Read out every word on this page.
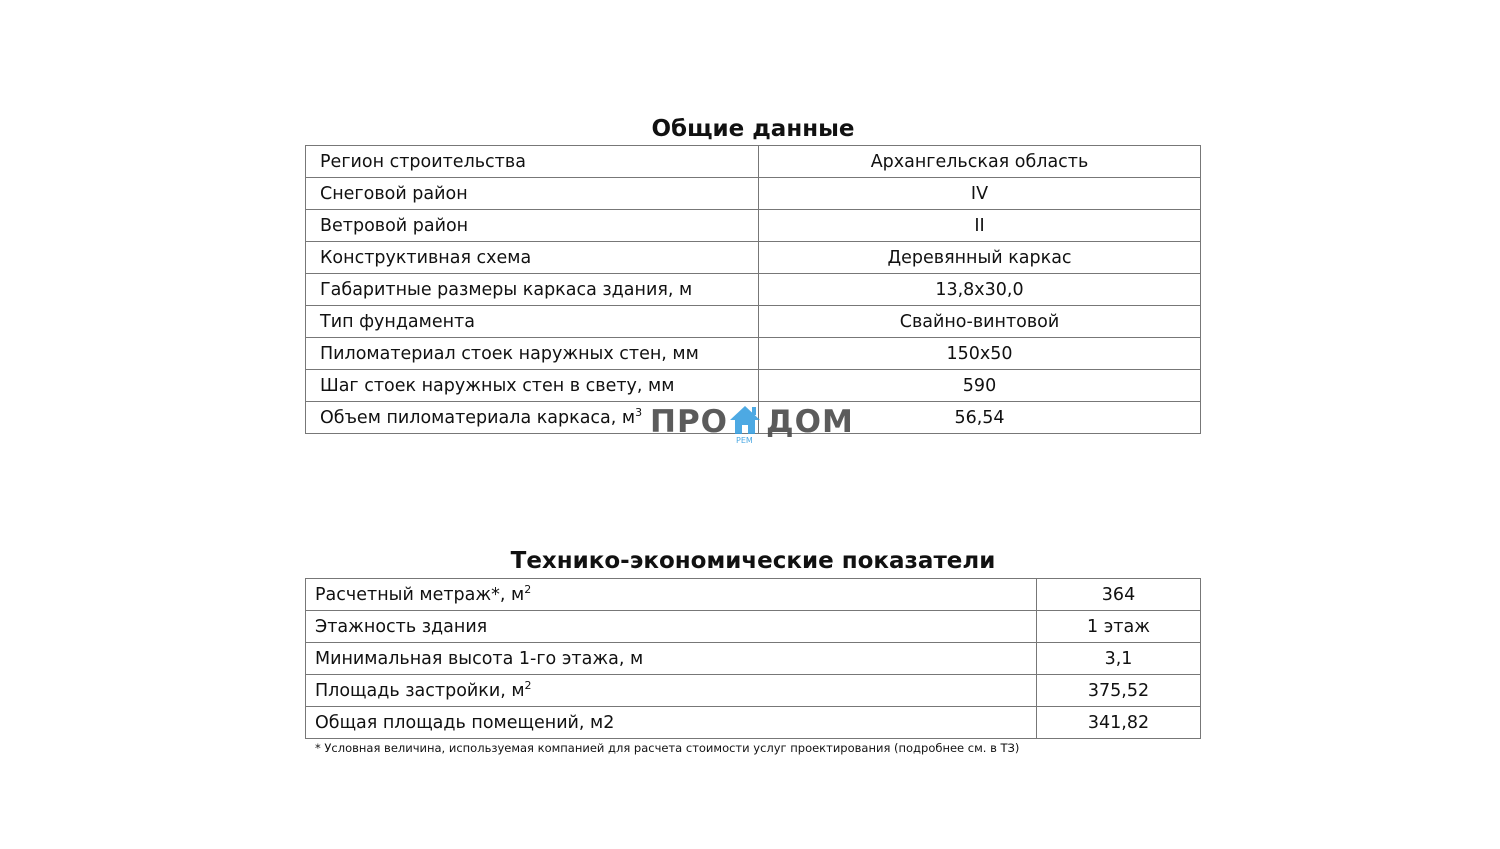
Общие данные
Регион строительства	Архангельская область
Снеговой район	IV
Ветровой район	II
Конструктивная схема	Деревянный каркас
Габаритные размеры каркаса здания, м	13,8х30,0
Тип фундамента	Свайно-винтовой
Пиломатериал стоек наружных стен, мм	150х50
Шаг стоек наружных стен в свету, мм	590
Объем пиломатериала каркаса, $м^3$	56,54
ПРО
РЕМ
ДОМ
Технико-экономические показатели
Расчетный метраж*, $м^2$	364
Этажность здания	1 этаж
Минимальная высота 1-го этажа, м	3,1
Площадь застройки, $м^2$	375,52
Общая площадь помещений, м2	341,82
* Условная величина, используемая компанией для расчета стоимости услуг проектирования (подробнее см. в ТЗ)
